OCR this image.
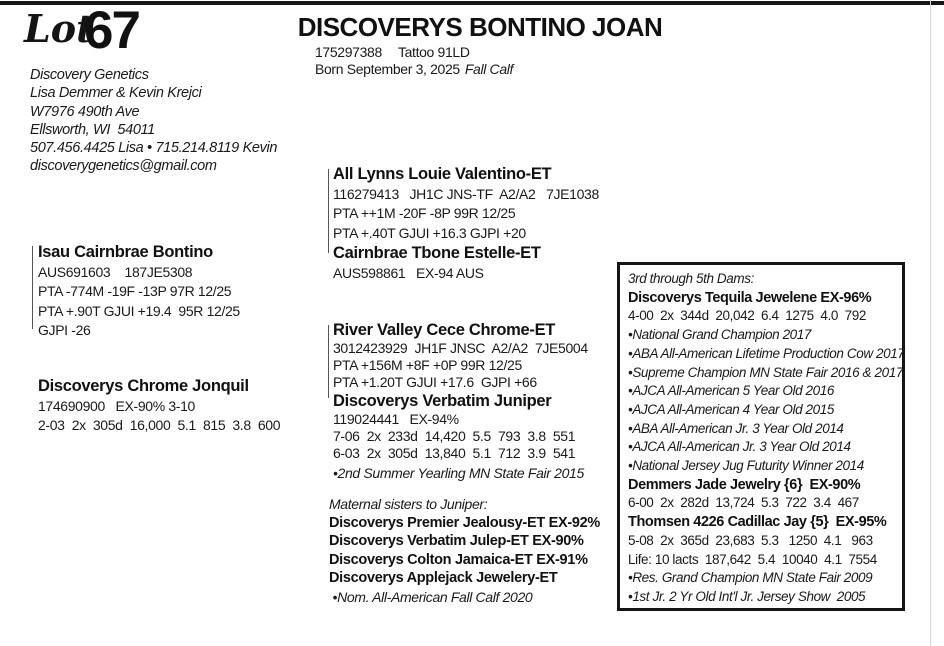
Lot
67	DISCOVERYS BONTINO JOAN
175297388 Tattoo 91LD
Born September 3, 2025 Fall Calf
Discovery Genetics
Lisa Demmer & Kevin Krejci
W7976 490th Ave
Ellsworth, WI  54011
507.456.4425 Lisa • 715.214.8119 Kevin
discoverygenetics@gmail.com
Isau Cairnbrae Bontino
AUS691603    187JE5308
PTA -774M -19F -13P 97R 12/25
PTA +.90T GJUI +19.4  95R 12/25
GJPI -26
Discoverys Chrome Jonquil
174690900   EX-90% 3-10
2-03  2x  305d  16,000  5.1  815  3.8  600
All Lynns Louie Valentino-ET
116279413   JH1C JNS-TF  A2/A2   7JE1038
PTA ++1M -20F -8P 99R 12/25
PTA +.40T GJUI +16.3 GJPI +20
Cairnbrae Tbone Estelle-ET
AUS598861   EX-94 AUS
River Valley Cece Chrome-ET
3012423929  JH1F JNSC  A2/A2  7JE5004
PTA +156M +8F +0P 99R 12/25
PTA +1.20T GJUI +17.6  GJPI +66
Discoverys Verbatim Juniper
119024441   EX-94%
7-06  2x  233d  14,420  5.5  793  3.8  551
6-03  2x  305d  13,840  5.1  712  3.9  541
•2nd Summer Yearling MN State Fair 2015
Maternal sisters to Juniper:
Discoverys Premier Jealousy-ET EX-92%
Discoverys Verbatim Julep-ET EX-90%
Discoverys Colton Jamaica-ET EX-91%
Discoverys Applejack Jewelery-ET
•Nom. All-American Fall Calf 2020
3rd through 5th Dams:
Discoverys Tequila Jewelene EX-96%
4-00  2x  344d  20,042  6.4  1275  4.0  792
•National Grand Champion 2017
•ABA All-American Lifetime Production Cow 2017
•Supreme Champion MN State Fair 2016 & 2017
•AJCA All-American 5 Year Old 2016
•AJCA All-American 4 Year Old 2015
•ABA All-American Jr. 3 Year Old 2014
•AJCA All-American Jr. 3 Year Old 2014
•National Jersey Jug Futurity Winner 2014
Demmers Jade Jewelry {6}  EX-90%
6-00  2x  282d  13,724  5.3  722  3.4  467
Thomsen 4226 Cadillac Jay {5}  EX-95%
5-08  2x  365d  23,683  5.3   1250  4.1   963
Life: 10 lacts  187,642  5.4  10040  4.1  7554
•Res. Grand Champion MN State Fair 2009
•1st Jr. 2 Yr Old Int'l Jr. Jersey Show  2005
